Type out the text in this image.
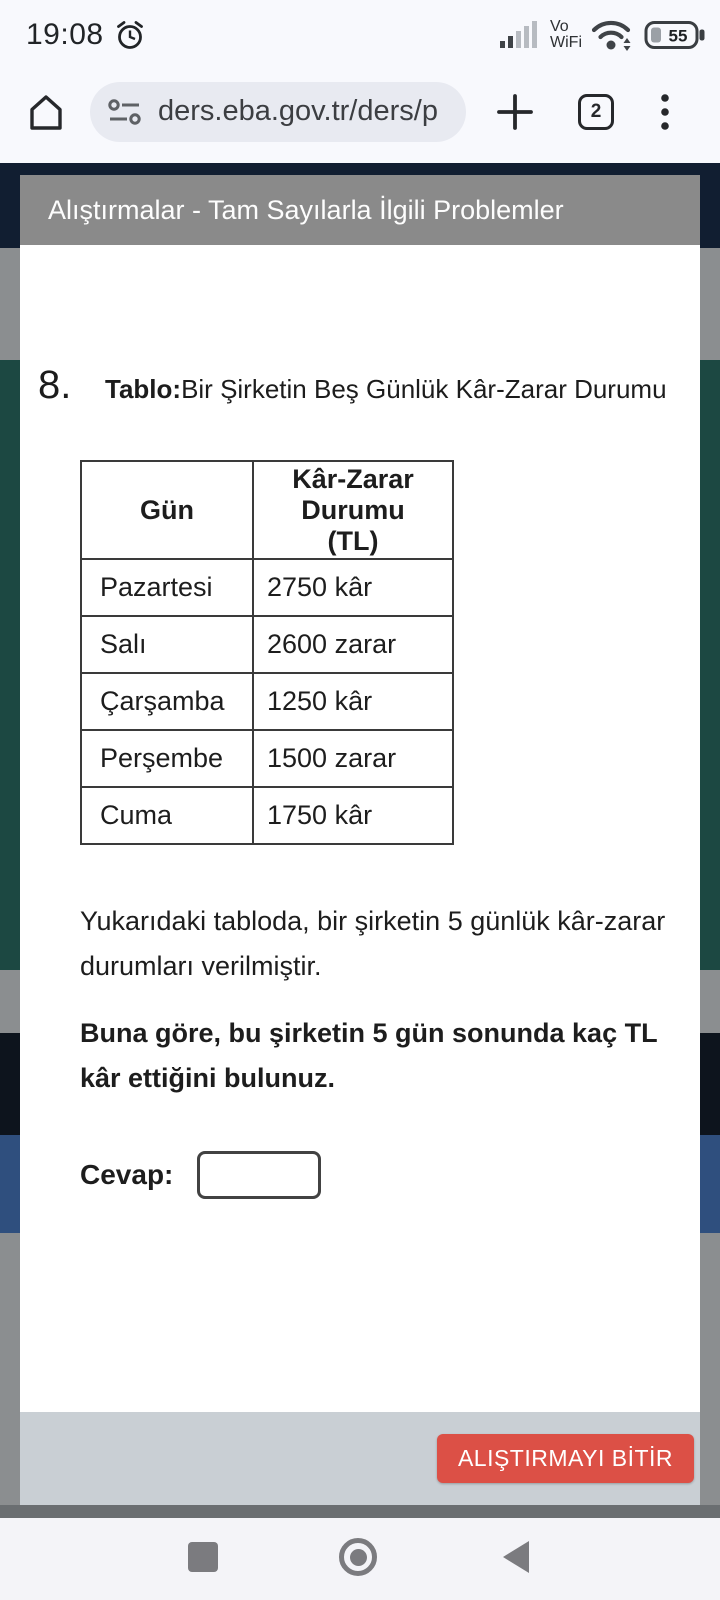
19:08	Vo
WiFi	55
ders.eba.gov.tr/ders/p	2
Alıştırmalar - Tam Sayılarla İlgili Problemler
8.	Tablo: Bir Şirketin Beş Günlük Kâr-Zarar Durumu
Gün	Kâr-Zarar Durumu (TL)
Pazartesi	2750 kâr
Salı	2600 zarar
Çarşamba	1250 kâr
Perşembe	1500 zarar
Cuma	1750 kâr

Yukarıdaki tabloda, bir şirketin 5 günlük kâr-zarar durumları verilmiştir.

Buna göre, bu şirketin 5 gün sonunda kaç TL kâr ettiğini bulunuz.

Cevap:
ALIŞTIRMAYI BİTİR
